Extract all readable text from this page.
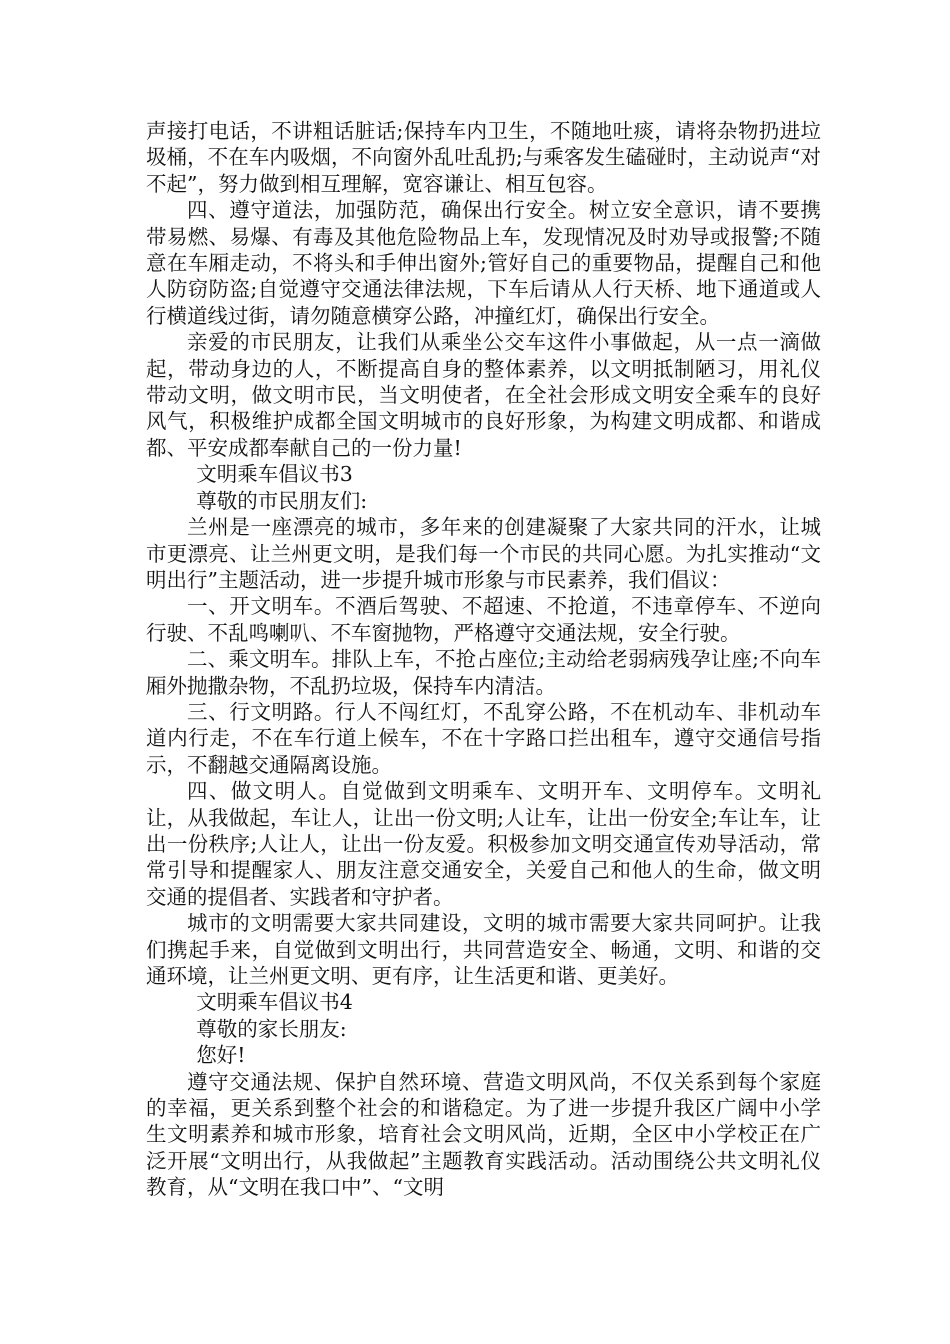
声接打电话，不讲粗话脏话;保持车内卫生，不随地吐痰，请将杂物扔进垃圾桶，不在车内吸烟，不向窗外乱吐乱扔;与乘客发生磕碰时，主动说声“对不起”，努力做到相互理解，宽容谦让、相互包容。

四、遵守道法，加强防范，确保出行安全。树立安全意识，请不要携带易燃、易爆、有毒及其他危险物品上车，发现情况及时劝导或报警;不随意在车厢走动，不将头和手伸出窗外;管好自己的重要物品，提醒自己和他人防窃防盗;自觉遵守交通法律法规，下车后请从人行天桥、地下通道或人行横道线过街，请勿随意横穿公路，冲撞红灯，确保出行安全。

亲爱的市民朋友，让我们从乘坐公交车这件小事做起，从一点一滴做起，带动身边的人，不断提高自身的整体素养，以文明抵制陋习，用礼仪带动文明，做文明市民，当文明使者，在全社会形成文明安全乘车的良好风气，积极维护成都全国文明城市的良好形象，为构建文明成都、和谐成都、平安成都奉献自己的一份力量!

文明乘车倡议书3

尊敬的市民朋友们:

兰州是一座漂亮的城市，多年来的创建凝聚了大家共同的汗水，让城市更漂亮、让兰州更文明，是我们每一个市民的共同心愿。为扎实推动“文明出行”主题活动，进一步提升城市形象与市民素养，我们倡议：

一、开文明车。不酒后驾驶、不超速、不抢道，不违章停车、不逆向行驶、不乱鸣喇叭、不车窗抛物，严格遵守交通法规，安全行驶。

二、乘文明车。排队上车，不抢占座位;主动给老弱病残孕让座;不向车厢外抛撒杂物，不乱扔垃圾，保持车内清洁。

三、行文明路。行人不闯红灯，不乱穿公路，不在机动车、非机动车道内行走，不在车行道上候车，不在十字路口拦出租车，遵守交通信号指示，不翻越交通隔离设施。

四、做文明人。自觉做到文明乘车、文明开车、文明停车。文明礼让，从我做起，车让人，让出一份文明;人让车，让出一份安全;车让车，让出一份秩序;人让人，让出一份友爱。积极参加文明交通宣传劝导活动，常常引导和提醒家人、朋友注意交通安全，关爱自己和他人的生命，做文明交通的提倡者、实践者和守护者。

城市的文明需要大家共同建设，文明的城市需要大家共同呵护。让我们携起手来，自觉做到文明出行，共同营造安全、畅通，文明、和谐的交通环境，让兰州更文明、更有序，让生活更和谐、更美好。

文明乘车倡议书4

尊敬的家长朋友:

您好!

遵守交通法规、保护自然环境、营造文明风尚，不仅关系到每个家庭的幸福，更关系到整个社会的和谐稳定。为了进一步提升我区广阔中小学生文明素养和城市形象，培育社会文明风尚，近期，全区中小学校正在广泛开展“文明出行，从我做起”主题教育实践活动。活动围绕公共文明礼仪教育，从“文明在我口中”、“文明
